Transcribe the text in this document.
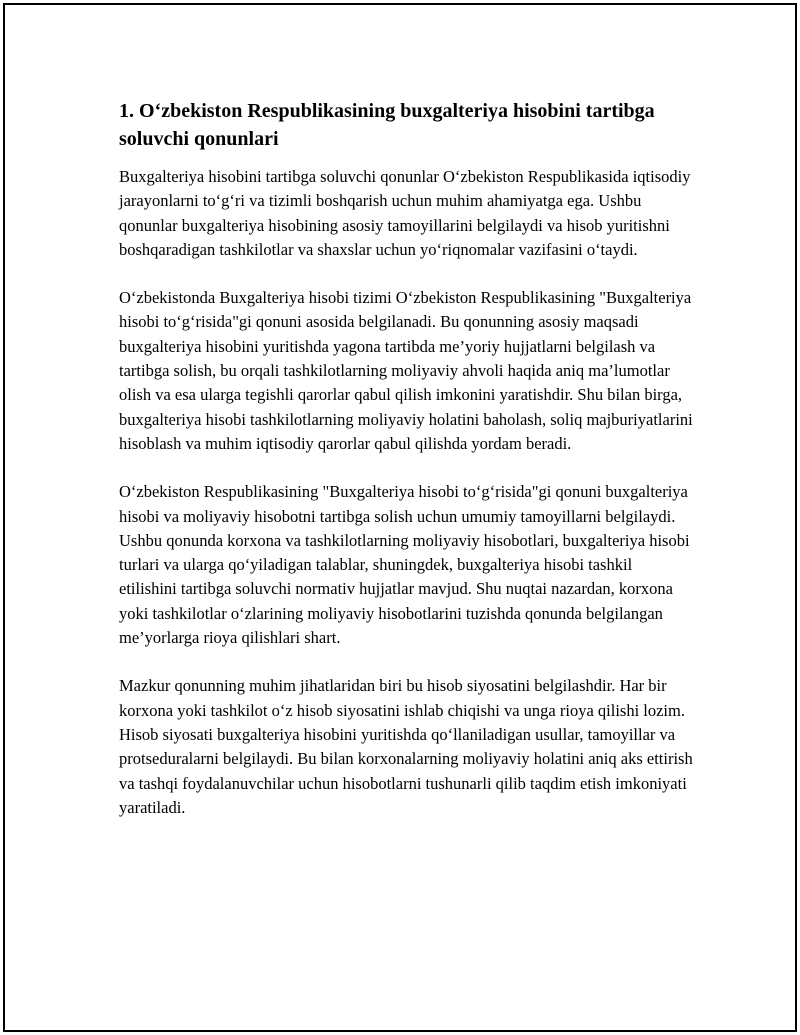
1. O‘zbekiston Respublikasining buxgalteriya hisobini tartibga soluvchi qonunlari

Buxgalteriya hisobini tartibga soluvchi qonunlar O‘zbekiston Respublikasida iqtisodiy jarayonlarni to‘g‘ri va tizimli boshqarish uchun muhim ahamiyatga ega. Ushbu qonunlar buxgalteriya hisobining asosiy tamoyillarini belgilaydi va hisob yuritishni boshqaradigan tashkilotlar va shaxslar uchun yo‘riqnomalar vazifasini o‘taydi.

O‘zbekistonda Buxgalteriya hisobi tizimi O‘zbekiston Respublikasining "Buxgalteriya hisobi to‘g‘risida"gi qonuni asosida belgilanadi. Bu qonunning asosiy maqsadi buxgalteriya hisobini yuritishda yagona tartibda me’yoriy hujjatlarni belgilash va tartibga solish, bu orqali tashkilotlarning moliyaviy ahvoli haqida aniq ma’lumotlar olish va esa ularga tegishli qarorlar qabul qilish imkonini yaratishdir. Shu bilan birga, buxgalteriya hisobi tashkilotlarning moliyaviy holatini baholash, soliq majburiyatlarini hisoblash va muhim iqtisodiy qarorlar qabul qilishda yordam beradi.

O‘zbekiston Respublikasining "Buxgalteriya hisobi to‘g‘risida"gi qonuni buxgalteriya hisobi va moliyaviy hisobotni tartibga solish uchun umumiy tamoyillarni belgilaydi. Ushbu qonunda korxona va tashkilotlarning moliyaviy hisobotlari, buxgalteriya hisobi turlari va ularga qo‘yiladigan talablar, shuningdek, buxgalteriya hisobi tashkil etilishini tartibga soluvchi normativ hujjatlar mavjud. Shu nuqtai nazardan, korxona yoki tashkilotlar o‘zlarining moliyaviy hisobotlarini tuzishda qonunda belgilangan me’yorlarga rioya qilishlari shart.

Mazkur qonunning muhim jihatlaridan biri bu hisob siyosatini belgilashdir. Har bir korxona yoki tashkilot o‘z hisob siyosatini ishlab chiqishi va unga rioya qilishi lozim. Hisob siyosati buxgalteriya hisobini yuritishda qo‘llaniladigan usullar, tamoyillar va protseduralarni belgilaydi. Bu bilan korxonalarning moliyaviy holatini aniq aks ettirish va tashqi foydalanuvchilar uchun hisobotlarni tushunarli qilib taqdim etish imkoniyati yaratiladi.
